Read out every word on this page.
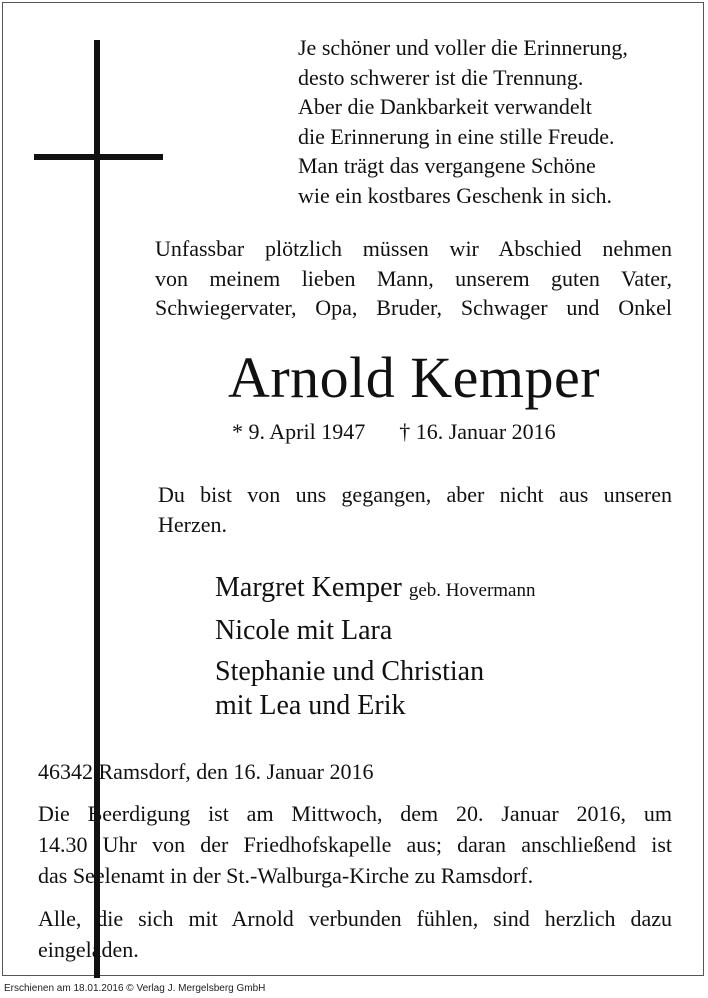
Je schöner und voller die Erinnerung,
desto schwerer ist die Trennung.
Aber die Dankbarkeit verwandelt
die Erinnerung in eine stille Freude.
Man trägt das vergangene Schöne
wie ein kostbares Geschenk in sich.
Unfassbar plötzlich müssen wir Abschied nehmen
von meinem lieben Mann, unserem guten Vater,
Schwiegervater, Opa, Bruder, Schwager und Onkel
Arnold Kemper
* 9. April 1947 † 16. Januar 2016
Du bist von uns gegangen, aber nicht aus unseren
Herzen.
Margret Kemper geb. Hovermann
Nicole mit Lara
Stephanie und Christian
mit Lea und Erik
46342 Ramsdorf, den 16. Januar 2016
Die Beerdigung ist am Mittwoch, dem 20. Januar 2016, um
14.30 Uhr von der Friedhofskapelle aus; daran anschließend ist
das Seelenamt in der St.-Walburga-Kirche zu Ramsdorf.
Alle, die sich mit Arnold verbunden fühlen, sind herzlich dazu
eingeladen.
Erschienen am 18.01.2016 © Verlag J. Mergelsberg GmbH
